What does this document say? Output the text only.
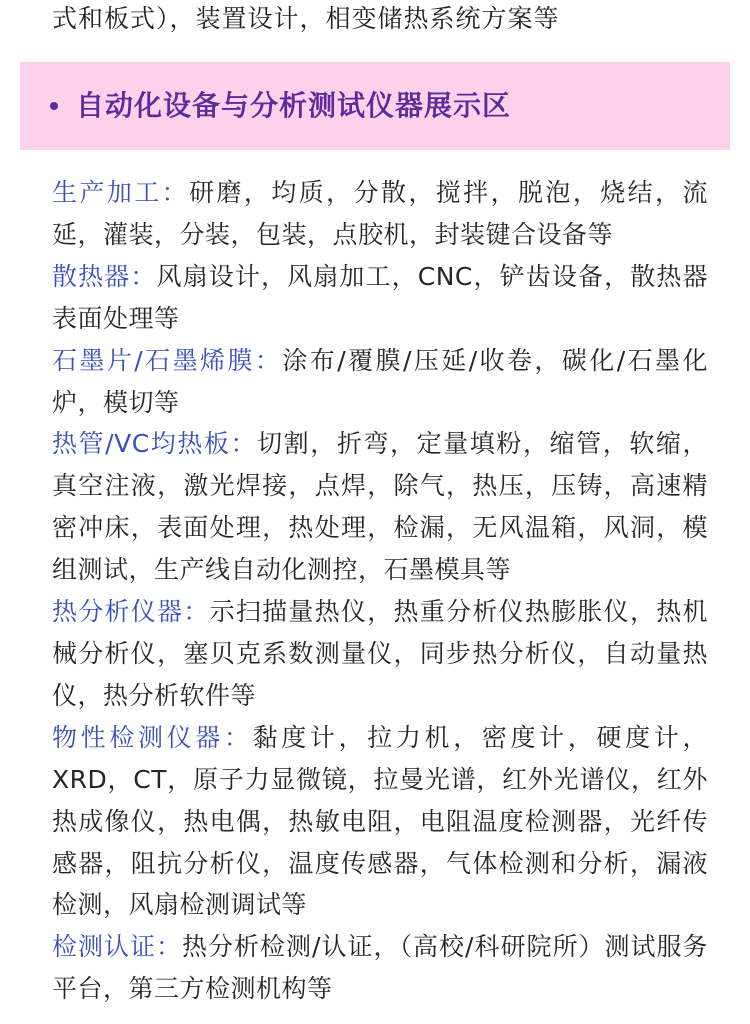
式和板式），装置设计，相变储热系统方案等
自动化设备与分析测试仪器展示区

生产加工：研磨，均质，分散，搅拌，脱泡，烧结，流延，灌装，分装，包装，点胶机，封装键合设备等

散热器：风扇设计，风扇加工，CNC，铲齿设备，散热器表面处理等

石墨片/石墨烯膜：涂布/覆膜/压延/收卷，碳化/石墨化炉，模切等

热管/VC均热板：切割，折弯，定量填粉，缩管，软缩，真空注液，激光焊接，点焊，除气，热压，压铸，高速精密冲床，表面处理，热处理，检漏，无风温箱，风洞，模组测试，生产线自动化测控，石墨模具等

热分析仪器：示扫描量热仪，热重分析仪热膨胀仪，热机械分析仪，塞贝克系数测量仪，同步热分析仪，自动量热仪，热分析软件等

物性检测仪器：黏度计，拉力机，密度计，硬度计，XRD，CT，原子力显微镜，拉曼光谱，红外光谱仪，红外热成像仪，热电偶，热敏电阻，电阻温度检测器，光纤传感器，阻抗分析仪，温度传感器，气体检测和分析，漏液检测，风扇检测调试等

检测认证：热分析检测/认证，（高校/科研院所）测试服务平台，第三方检测机构等
